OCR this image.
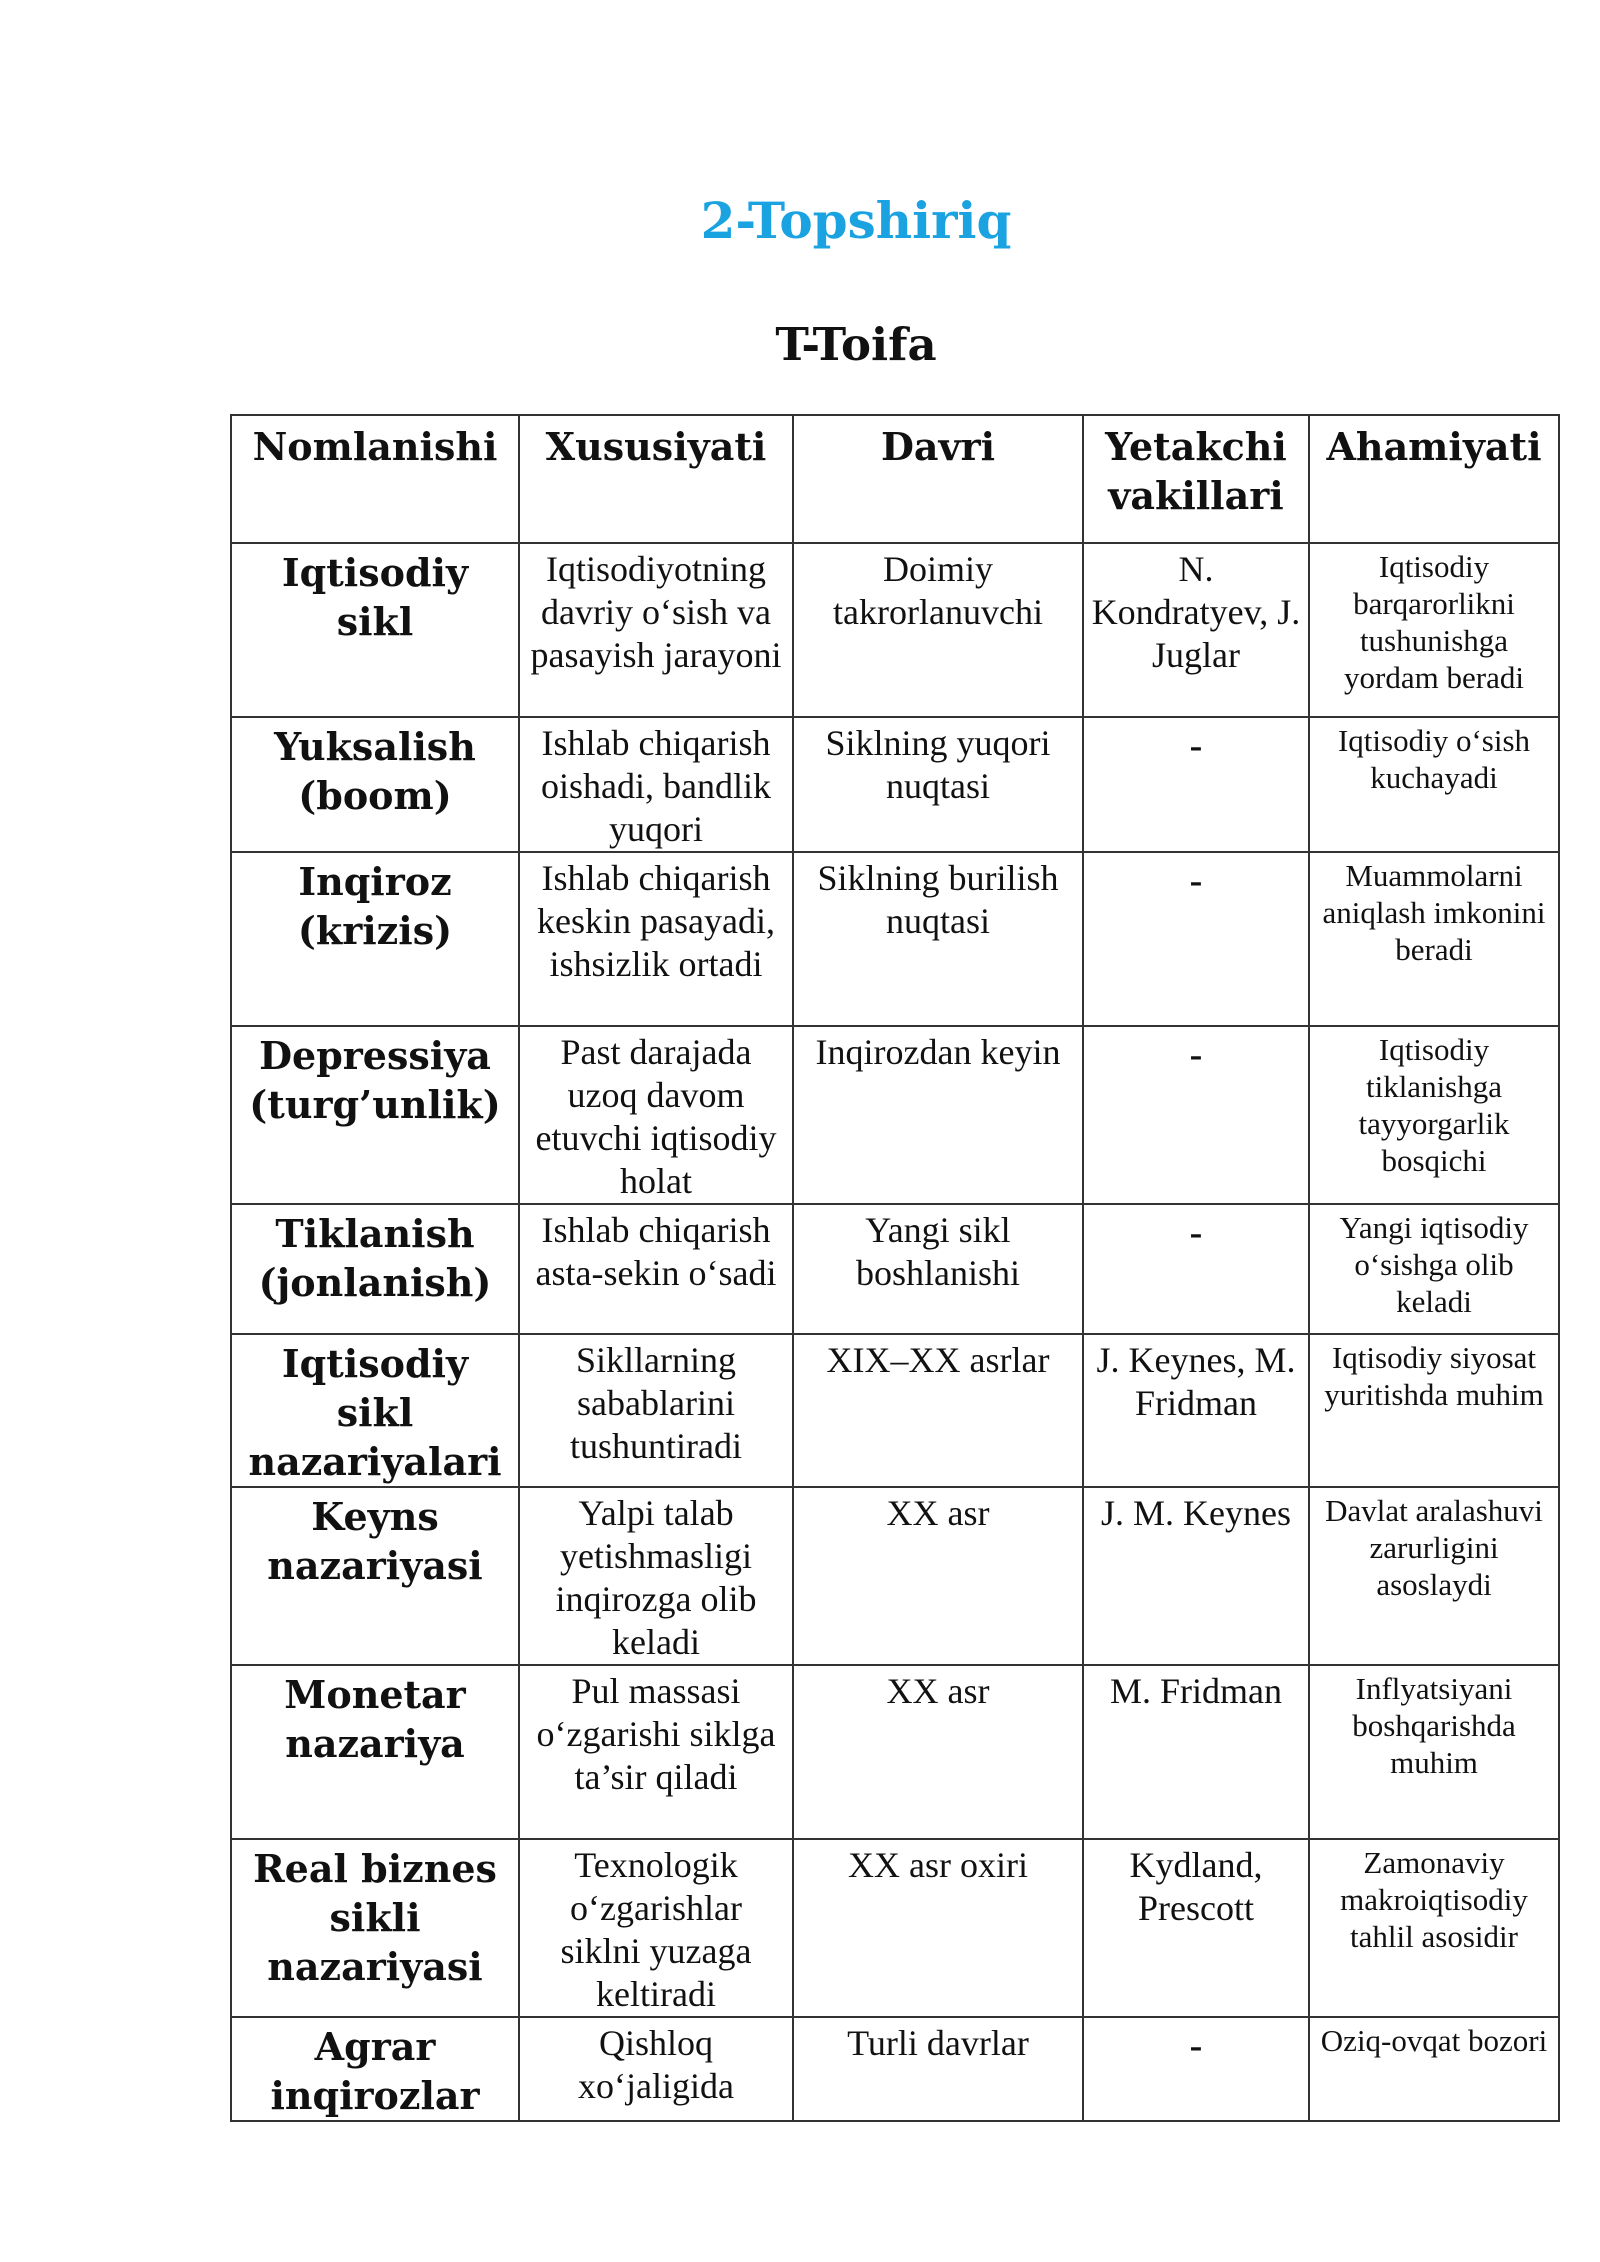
2-Topshiriq
T-Toifa
Nomlanishi	Xususiyati	Davri	Yetakchi vakillari	Ahamiyati
Iqtisodiy sikl	Iqtisodiyotning davriy o‘sish va pasayish jarayoni	Doimiy takrorlanuvchi	N. Kondratyev, J. Juglar	Iqtisodiy barqarorlikni tushunishga yordam beradi
Yuksalish (boom)	Ishlab chiqarish oishadi, bandlik yuqori	Siklning yuqori nuqtasi	-	Iqtisodiy o‘sish kuchayadi
Inqiroz (krizis)	Ishlab chiqarish keskin pasayadi, ishsizlik ortadi	Siklning burilish nuqtasi	-	Muammolarni aniqlash imkonini beradi
Depressiya (turg’unlik)	Past darajada uzoq davom etuvchi iqtisodiy holat	Inqirozdan keyin	-	Iqtisodiy tiklanishga tayyorgarlik bosqichi
Tiklanish (jonlanish)	Ishlab chiqarish asta-sekin o‘sadi	Yangi sikl boshlanishi	-	Yangi iqtisodiy o‘sishga olib keladi
Iqtisodiy sikl nazariyalari	Sikllarning sabablarini tushuntiradi	XIX–XX asrlar	J. Keynes, M. Fridman	Iqtisodiy siyosat yuritishda muhim
Keyns nazariyasi	Yalpi talab yetishmasligi inqirozga olib keladi	XX asr	J. M. Keynes	Davlat aralashuvi zarurligini asoslaydi
Monetar nazariya	Pul massasi o‘zgarishi siklga ta’sir qiladi	XX asr	M. Fridman	Inflyatsiyani boshqarishda muhim
Real biznes sikli nazariyasi	Texnologik o‘zgarishlar siklni yuzaga keltiradi	XX asr oxiri	Kydland, Prescott	Zamonaviy makroiqtisodiy tahlil asosidir
Agrar inqirozlar	Qishloq xo‘jaligida	Turli davrlar	-	Oziq-ovqat bozori
